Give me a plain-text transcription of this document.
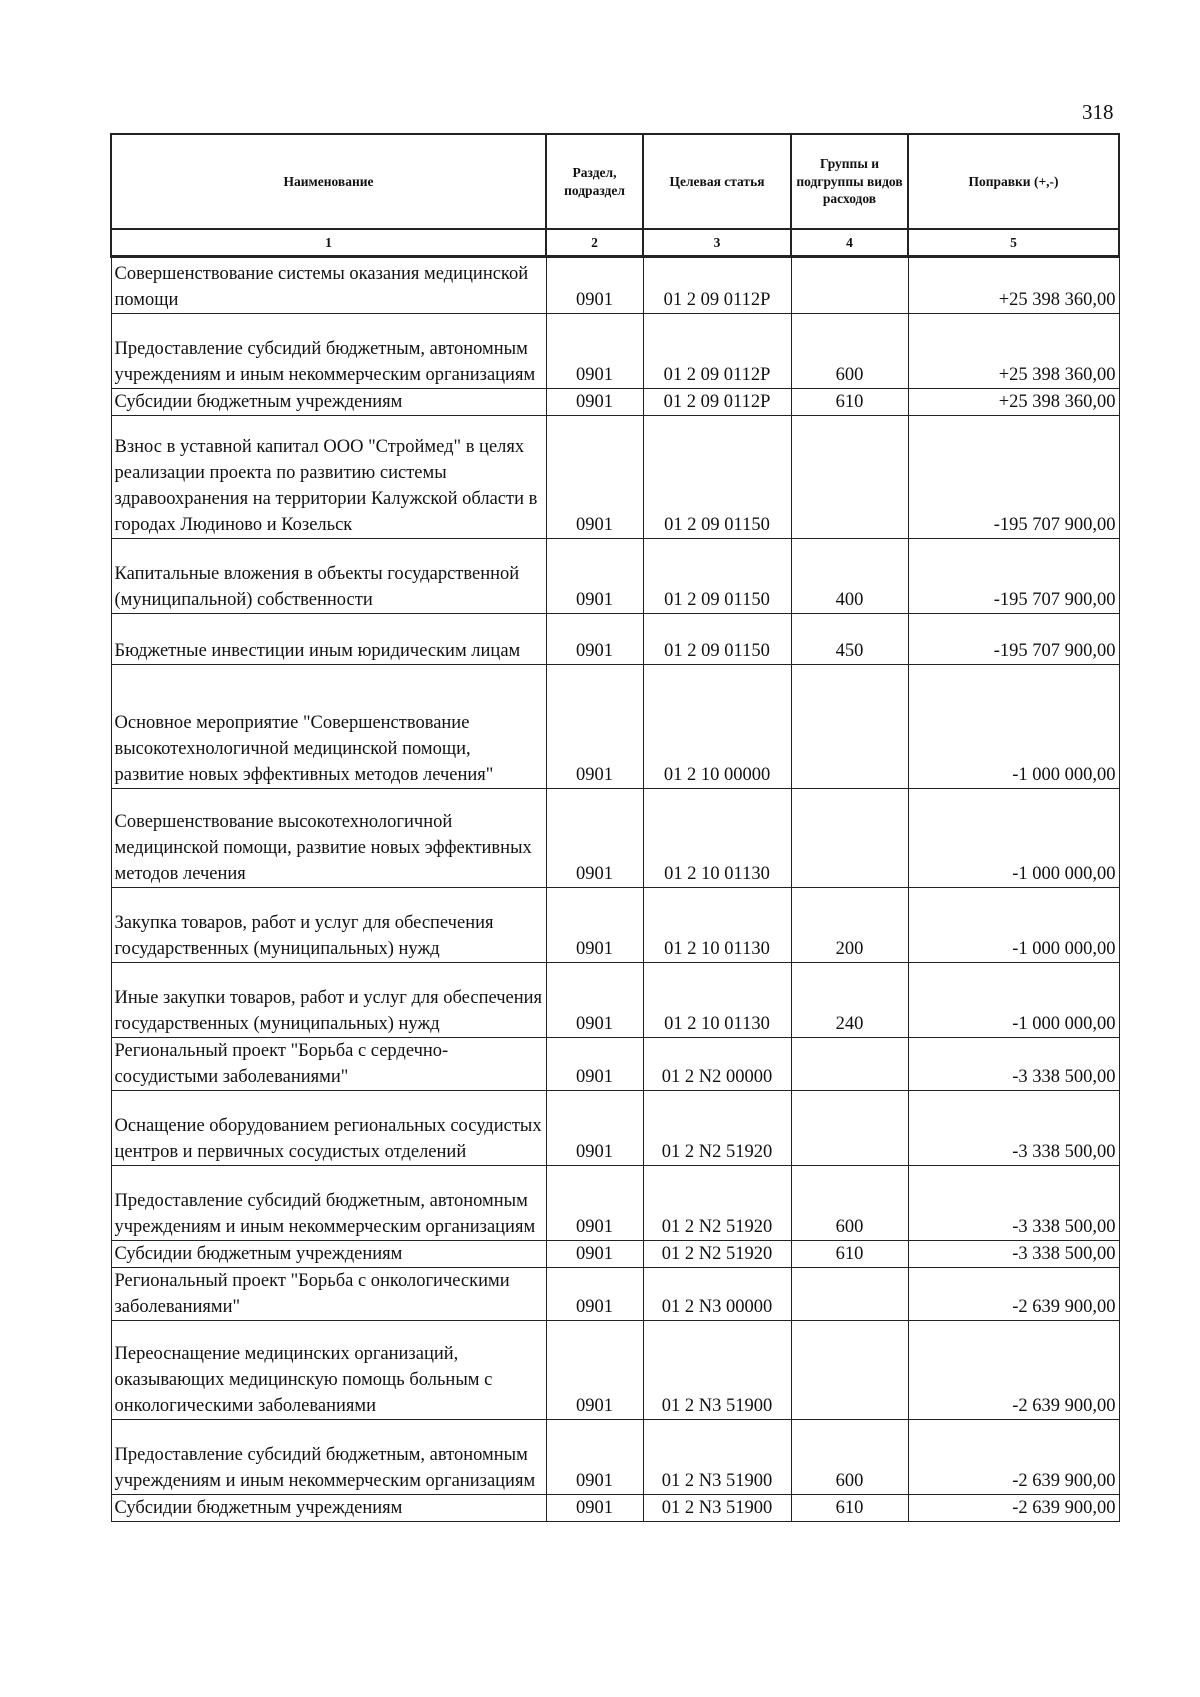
318
Наименование	Раздел, подраздел	Целевая статья	Группы и подгруппы видов расходов	Поправки (+,-)
1	2	3	4	5

Совершенствование системы оказания медицинской помощи	0901	01 2 09 0112Р		+25 398 360,00

Предоставление субсидий бюджетным, автономным учреждениям и иным некоммерческим организациям	0901	01 2 09 0112Р	600	+25 398 360,00

Субсидии бюджетным учреждениям	0901	01 2 09 0112Р	610	+25 398 360,00

Взнос в уставной капитал ООО "Строймед" в целях реализации проекта по развитию системы здравоохранения на территории Калужской области в городах Людиново и Козельск	0901	01 2 09 01150		-195 707 900,00

Капитальные вложения в объекты государственной (муниципальной) собственности	0901	01 2 09 01150	400	-195 707 900,00

Бюджетные инвестиции иным юридическим лицам	0901	01 2 09 01150	450	-195 707 900,00

Основное мероприятие "Совершенствование высокотехнологичной медицинской помощи, развитие новых эффективных методов лечения"	0901	01 2 10 00000		-1 000 000,00

Совершенствование высокотехнологичной медицинской помощи, развитие новых эффективных методов лечения	0901	01 2 10 01130		-1 000 000,00

Закупка товаров, работ и услуг для обеспечения государственных (муниципальных) нужд	0901	01 2 10 01130	200	-1 000 000,00

Иные закупки товаров, работ и услуг для обеспечения государственных (муниципальных) нужд	0901	01 2 10 01130	240	-1 000 000,00

Региональный проект "Борьба с сердечно-сосудистыми заболеваниями"	0901	01 2 N2 00000		-3 338 500,00

Оснащение оборудованием региональных сосудистых центров и первичных сосудистых отделений	0901	01 2 N2 51920		-3 338 500,00

Предоставление субсидий бюджетным, автономным учреждениям и иным некоммерческим организациям	0901	01 2 N2 51920	600	-3 338 500,00

Субсидии бюджетным учреждениям	0901	01 2 N2 51920	610	-3 338 500,00

Региональный проект "Борьба с онкологическими заболеваниями"	0901	01 2 N3 00000		-2 639 900,00

Переоснащение медицинских организаций, оказывающих медицинскую помощь больным с онкологическими заболеваниями	0901	01 2 N3 51900		-2 639 900,00

Предоставление субсидий бюджетным, автономным учреждениям и иным некоммерческим организациям	0901	01 2 N3 51900	600	-2 639 900,00

Субсидии бюджетным учреждениям	0901	01 2 N3 51900	610	-2 639 900,00
